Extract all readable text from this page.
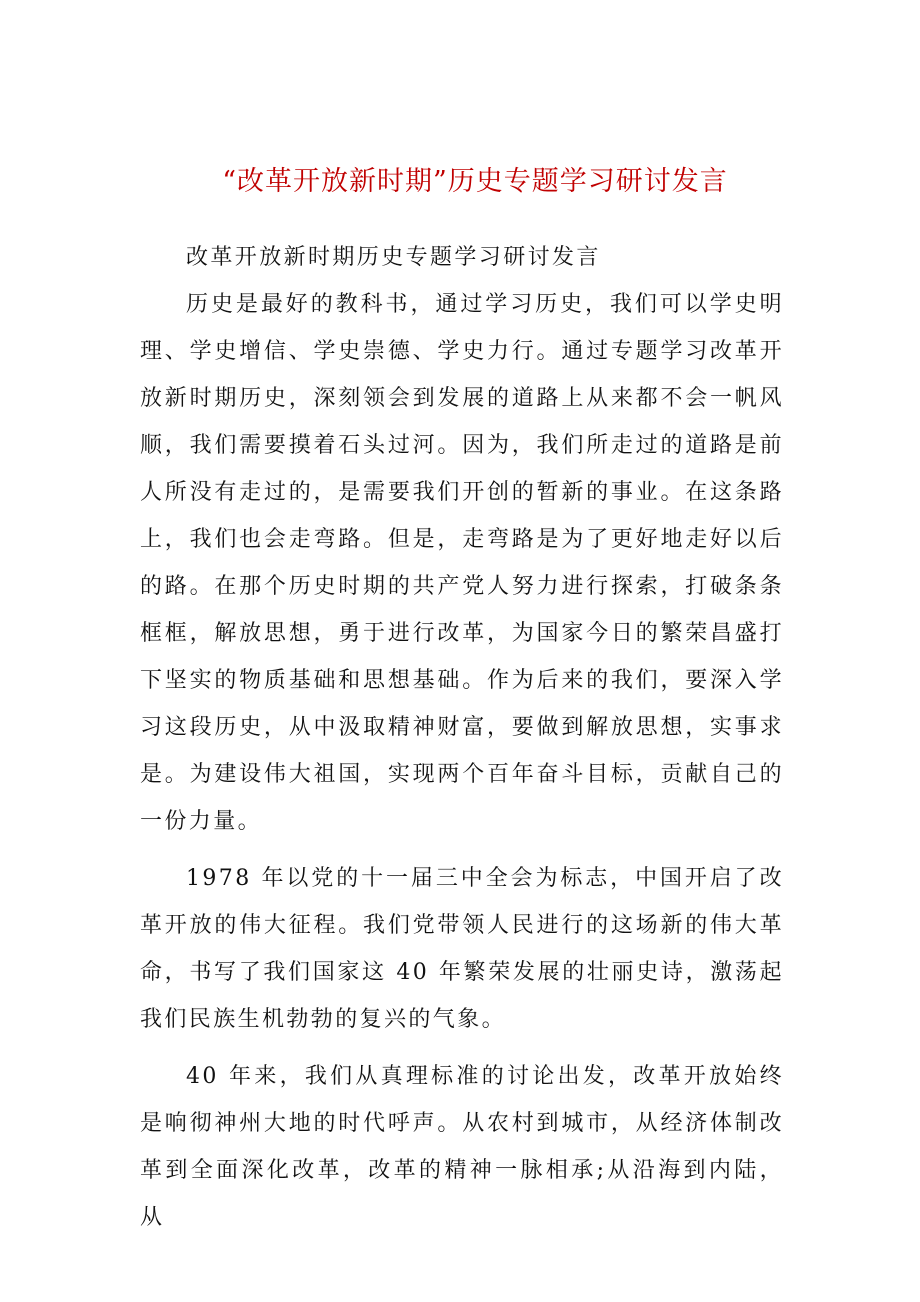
“改革开放新时期”历史专题学习研讨发言

改革开放新时期历史专题学习研讨发言

历史是最好的教科书，通过学习历史，我们可以学史明理、学史增信、学史崇德、学史力行。通过专题学习改革开放新时期历史，深刻领会到发展的道路上从来都不会一帆风顺，我们需要摸着石头过河。因为，我们所走过的道路是前人所没有走过的，是需要我们开创的暂新的事业。在这条路上，我们也会走弯路。但是，走弯路是为了更好地走好以后的路。在那个历史时期的共产党人努力进行探索，打破条条框框，解放思想，勇于进行改革，为国家今日的繁荣昌盛打下坚实的物质基础和思想基础。作为后来的我们，要深入学习这段历史，从中汲取精神财富，要做到解放思想，实事求是。为建设伟大祖国，实现两个百年奋斗目标，贡献自己的一份力量。

1978 年以党的十一届三中全会为标志，中国开启了改革开放的伟大征程。我们党带领人民进行的这场新的伟大革命，书写了我们国家这 40 年繁荣发展的壮丽史诗，激荡起我们民族生机勃勃的复兴的气象。

40 年来，我们从真理标准的讨论出发，改革开放始终是响彻神州大地的时代呼声。从农村到城市，从经济体制改革到全面深化改革，改革的精神一脉相承;从沿海到内陆，从
